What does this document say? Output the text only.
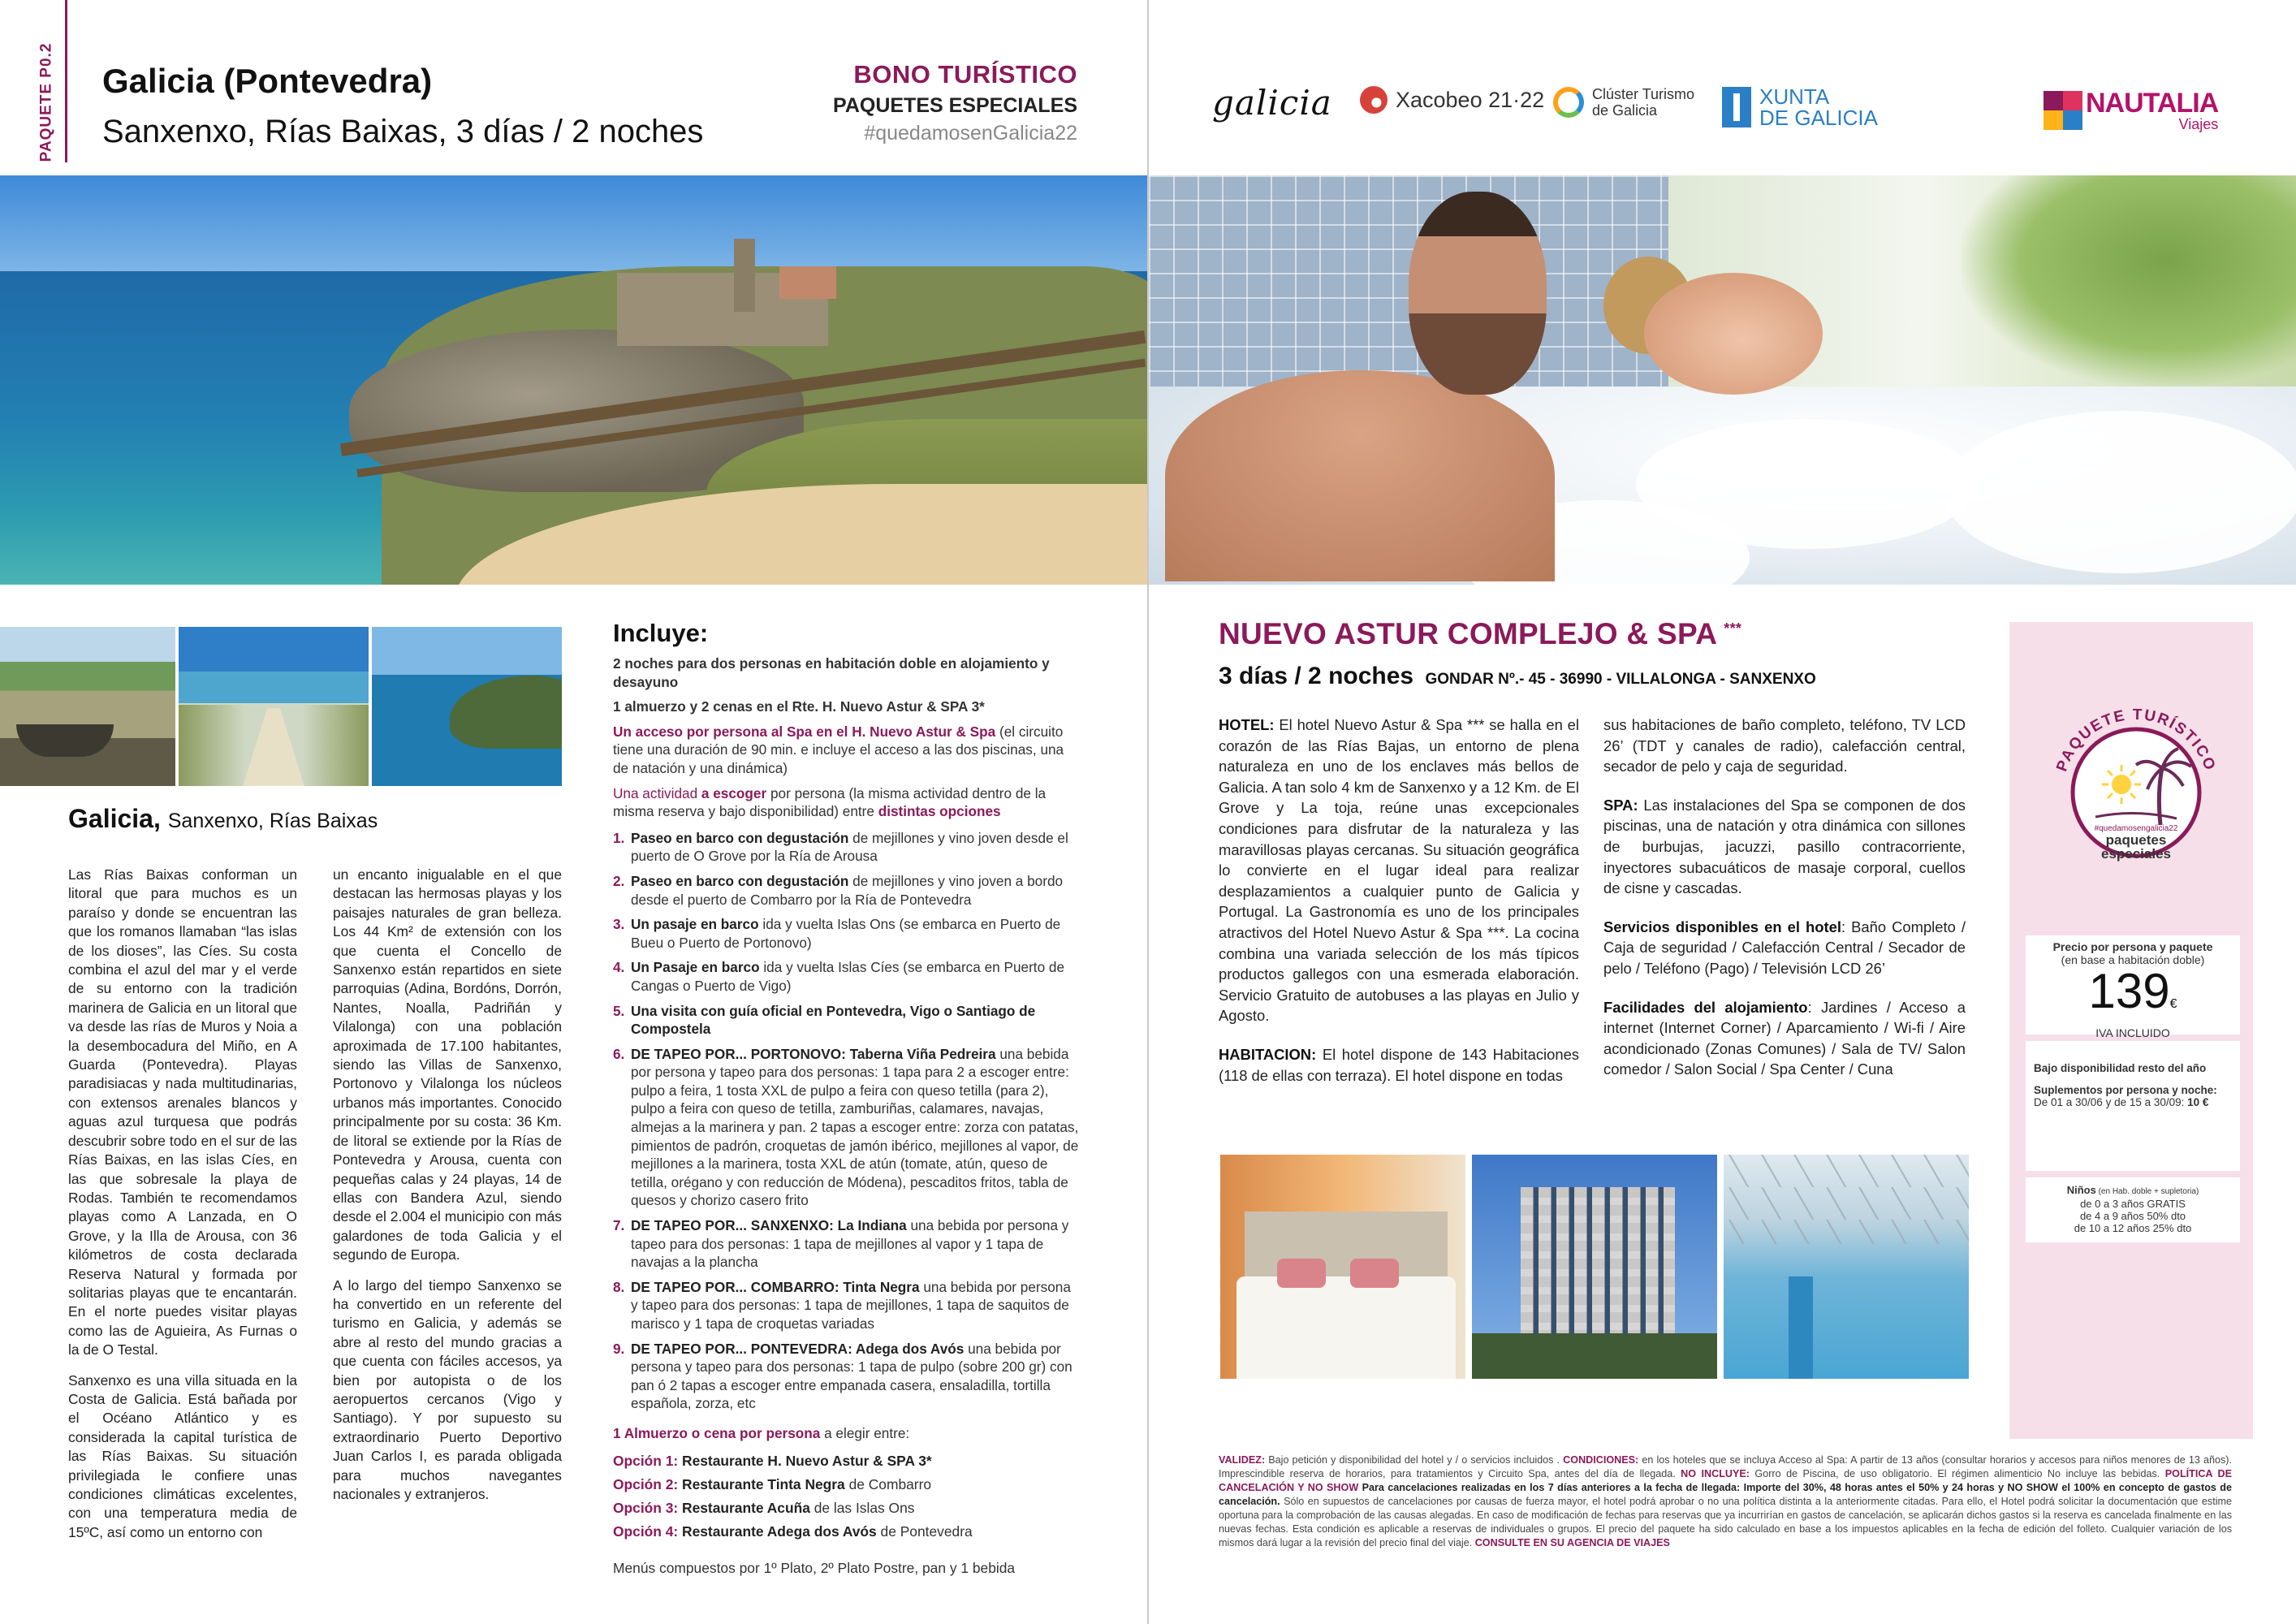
PAQUETE P0.2 Galicia (Pontevedra)
Sanxenxo, Rías Baixas, 3 días / 2 noches
BONO TURÍSTICO
PAQUETES ESPECIALES
#quedamosenGalicia22
Galicia, Sanxenxo, Rías Baixas

Las Rías Baixas conforman un litoral que para muchos es un paraíso y donde se encuentran las que los romanos llamaban “las islas de los dioses”, las Cíes. Su costa combina el azul del mar y el verde de su entorno con la tradición marinera de Galicia en un litoral que va desde las rías de Muros y Noia a la desembocadura del Miño, en A Guarda (Pontevedra). Playas paradisiacas y nada multitudinarias, con extensos arenales blancos y aguas azul turquesa que podrás descubrir sobre todo en el sur de las Rías Baixas, en las islas Cíes, en las que sobresale la playa de Rodas. También te recomendamos playas como A Lanzada, en O Grove, y la Illa de Arousa, con 36 kilómetros de costa declarada Reserva Natural y formada por solitarias playas que te encantarán. En el norte puedes visitar playas como las de Aguieira, As Furnas o la de O Testal.

Sanxenxo es una villa situada en la Costa de Galicia. Está bañada por el Océano Atlántico y es considerada la capital turística de las Rías Baixas. Su situación privilegiada le confiere unas condiciones climáticas excelentes, con una temperatura media de 15ºC, así como un entorno con

un encanto inigualable en el que destacan las hermosas playas y los paisajes naturales de gran belleza. Los 44 Km² de extensión con los que cuenta el Concello de Sanxenxo están repartidos en siete parroquias (Adina, Bordóns, Dorrón, Nantes, Noalla, Padriñán y Vilalonga) con una población aproximada de 17.100 habitantes, siendo las Villas de Sanxenxo, Portonovo y Vilalonga los núcleos urbanos más importantes. Conocido principalmente por su costa: 36 Km. de litoral se extiende por la Rías de Pontevedra y Arousa, cuenta con pequeñas calas y 24 playas, 14 de ellas con Bandera Azul, siendo desde el 2.004 el municipio con más galardones de toda Galicia y el segundo de Europa.

A lo largo del tiempo Sanxenxo se ha convertido en un referente del turismo en Galicia, y además se abre al resto del mundo gracias a que cuenta con fáciles accesos, ya bien por autopista o de los aeropuertos cercanos (Vigo y Santiago). Y por supuesto su extraordinario Puerto Deportivo Juan Carlos I, es parada obligada para muchos navegantes nacionales y extranjeros.

Incluye:
2 noches para dos personas en habitación doble en alojamiento y desayuno
1 almuerzo y 2 cenas en el Rte. H. Nuevo Astur & SPA 3*
Un acceso por persona al Spa en el H. Nuevo Astur & Spa (el circuito tiene una duración de 90 min. e incluye el acceso a las dos piscinas, una de natación y una dinámica)
Una actividad a escoger por persona (la misma actividad dentro de la misma reserva y bajo disponibilidad) entre distintas opciones
1. Paseo en barco con degustación de mejillones y vino joven desde el puerto de O Grove por la Ría de Arousa
2. Paseo en barco con degustación de mejillones y vino joven a bordo desde el puerto de Combarro por la Ría de Pontevedra
3. Un pasaje en barco ida y vuelta Islas Ons (se embarca en Puerto de Bueu o Puerto de Portonovo)
4. Un Pasaje en barco ida y vuelta Islas Cíes (se embarca en Puerto de Cangas o Puerto de Vigo)
5. Una visita con guía oficial en Pontevedra, Vigo o Santiago de Compostela
6. DE TAPEO POR... PORTONOVO: Taberna Viña Pedreira una bebida por persona y tapeo para dos personas: 1 tapa para 2 a escoger entre: pulpo a feira, 1 tosta XXL de pulpo a feira con queso tetilla (para 2), pulpo a feira con queso de tetilla, zamburiñas, calamares, navajas, almejas a la marinera y pan. 2 tapas a escoger entre: zorza con patatas, pimientos de padrón, croquetas de jamón ibérico, mejillones al vapor, de mejillones a la marinera, tosta XXL de atún (tomate, atún, queso de tetilla, orégano y con reducción de Módena), pescaditos fritos, tabla de quesos y chorizo casero frito
7. DE TAPEO POR... SANXENXO: La Indiana una bebida por persona y tapeo para dos personas: 1 tapa de mejillones al vapor y 1 tapa de navajas a la plancha
8. DE TAPEO POR... COMBARRO: Tinta Negra una bebida por persona y tapeo para dos personas: 1 tapa de mejillones, 1 tapa de saquitos de marisco y 1 tapa de croquetas variadas
9. DE TAPEO POR... PONTEVEDRA: Adega dos Avós una bebida por persona y tapeo para dos personas: 1 tapa de pulpo (sobre 200 gr) con pan ó 2 tapas a escoger entre empanada casera, ensaladilla, tortilla española, zorza, etc
1 Almuerzo o cena por persona a elegir entre:
Opción 1: Restaurante H. Nuevo Astur & SPA 3*
Opción 2: Restaurante Tinta Negra de Combarro
Opción 3: Restaurante Acuña de las Islas Ons
Opción 4: Restaurante Adega dos Avós de Pontevedra
Menús compuestos por 1º Plato, 2º Plato Postre, pan y 1 bebida
galicia	Xacobeo 21·22	Clúster Turismo
de Galicia
XUNTA
DE GALICIA	NAUTALIA
Viajes
NUEVO ASTUR COMPLEJO & SPA ***
3 días / 2 noches GONDAR Nº.- 45 - 36990 - VILLALONGA - SANXENXO

HOTEL: El hotel Nuevo Astur & Spa *** se halla en el corazón de las Rías Bajas, un entorno de plena naturaleza en uno de los enclaves más bellos de Galicia. A tan solo 4 km de Sanxenxo y a 12 Km. de El Grove y La toja, reúne unas excepcionales condiciones para disfrutar de la naturaleza y las maravillosas playas cercanas. Su situación geográfica lo convierte en el lugar ideal para realizar desplazamientos a cualquier punto de Galicia y Portugal. La Gastronomía es uno de los principales atractivos del Hotel Nuevo Astur & Spa ***. La cocina combina una variada selección de los más típicos productos gallegos con una esmerada elaboración. Servicio Gratuito de autobuses a las playas en Julio y Agosto.

HABITACION: El hotel dispone de 143 Habitaciones (118 de ellas con terraza). El hotel dispone en todas

sus habitaciones de baño completo, teléfono, TV LCD 26’ (TDT y canales de radio), calefacción central, secador de pelo y caja de seguridad.

SPA: Las instalaciones del Spa se componen de dos piscinas, una de natación y otra dinámica con sillones de burbujas, jacuzzi, pasillo contracorriente, inyectores subacuáticos de masaje corporal, cuellos de cisne y cascadas.

Servicios disponibles en el hotel: Baño Completo / Caja de seguridad / Calefacción Central / Secador de pelo / Teléfono (Pago) / Televisión LCD 26’

Facilidades del alojamiento: Jardines / Acceso a internet (Internet Corner) / Aparcamiento / Wi-fi / Aire acondicionado (Zonas Comunes) / Sala de TV/ Salon comedor / Salon Social / Spa Center / Cuna

VALIDEZ: Bajo petición y disponibilidad del hotel y / o servicios incluidos . CONDICIONES: en los hoteles que se incluya Acceso al Spa: A partir de 13 años (consultar horarios y accesos para niños menores de 13 años). Imprescindible reserva de horarios, para tratamientos y Circuito Spa, antes del día de llegada. NO INCLUYE: Gorro de Piscina, de uso obligatorio. El régimen alimenticio No incluye las bebidas. POLÍTICA DE CANCELACIÓN Y NO SHOW Para cancelaciones realizadas en los 7 días anteriores a la fecha de llegada: Importe del 30%, 48 horas antes el 50% y 24 horas y NO SHOW el 100% en concepto de gastos de cancelación. Sólo en supuestos de cancelaciones por causas de fuerza mayor, el hotel podrá aprobar o no una política distinta a la anteriormente citadas. Para ello, el Hotel podrá solicitar la documentación que estime oportuna para la comprobación de las causas alegadas. En caso de modificación de fechas para reservas que ya incurrirían en gastos de cancelación, se aplicarán dichos gastos si la reserva es cancelada finalmente en las nuevas fechas. Esta condición es aplicable a reservas de individuales o grupos. El precio del paquete ha sido calculado en base a los impuestos aplicables en la fecha de edición del folleto. Cualquier variación de los mismos dará lugar a la revisión del precio final del viaje. CONSULTE EN SU AGENCIA DE VIAJES
PAQUETE TURÍSTICO
#quedamosengalicia22
paquetes
especiales
Precio por persona y paquete
(en base a habitación doble)
139€
IVA INCLUIDO
Bajo disponibilidad resto del año
Suplementos por persona y noche:
De 01 a 30/06 y de 15 a 30/09: 10 €
Niños (en Hab. doble + supletoria)
de 0 a 3 años GRATIS
de 4 a 9 años 50% dto
de 10 a 12 años 25% dto
